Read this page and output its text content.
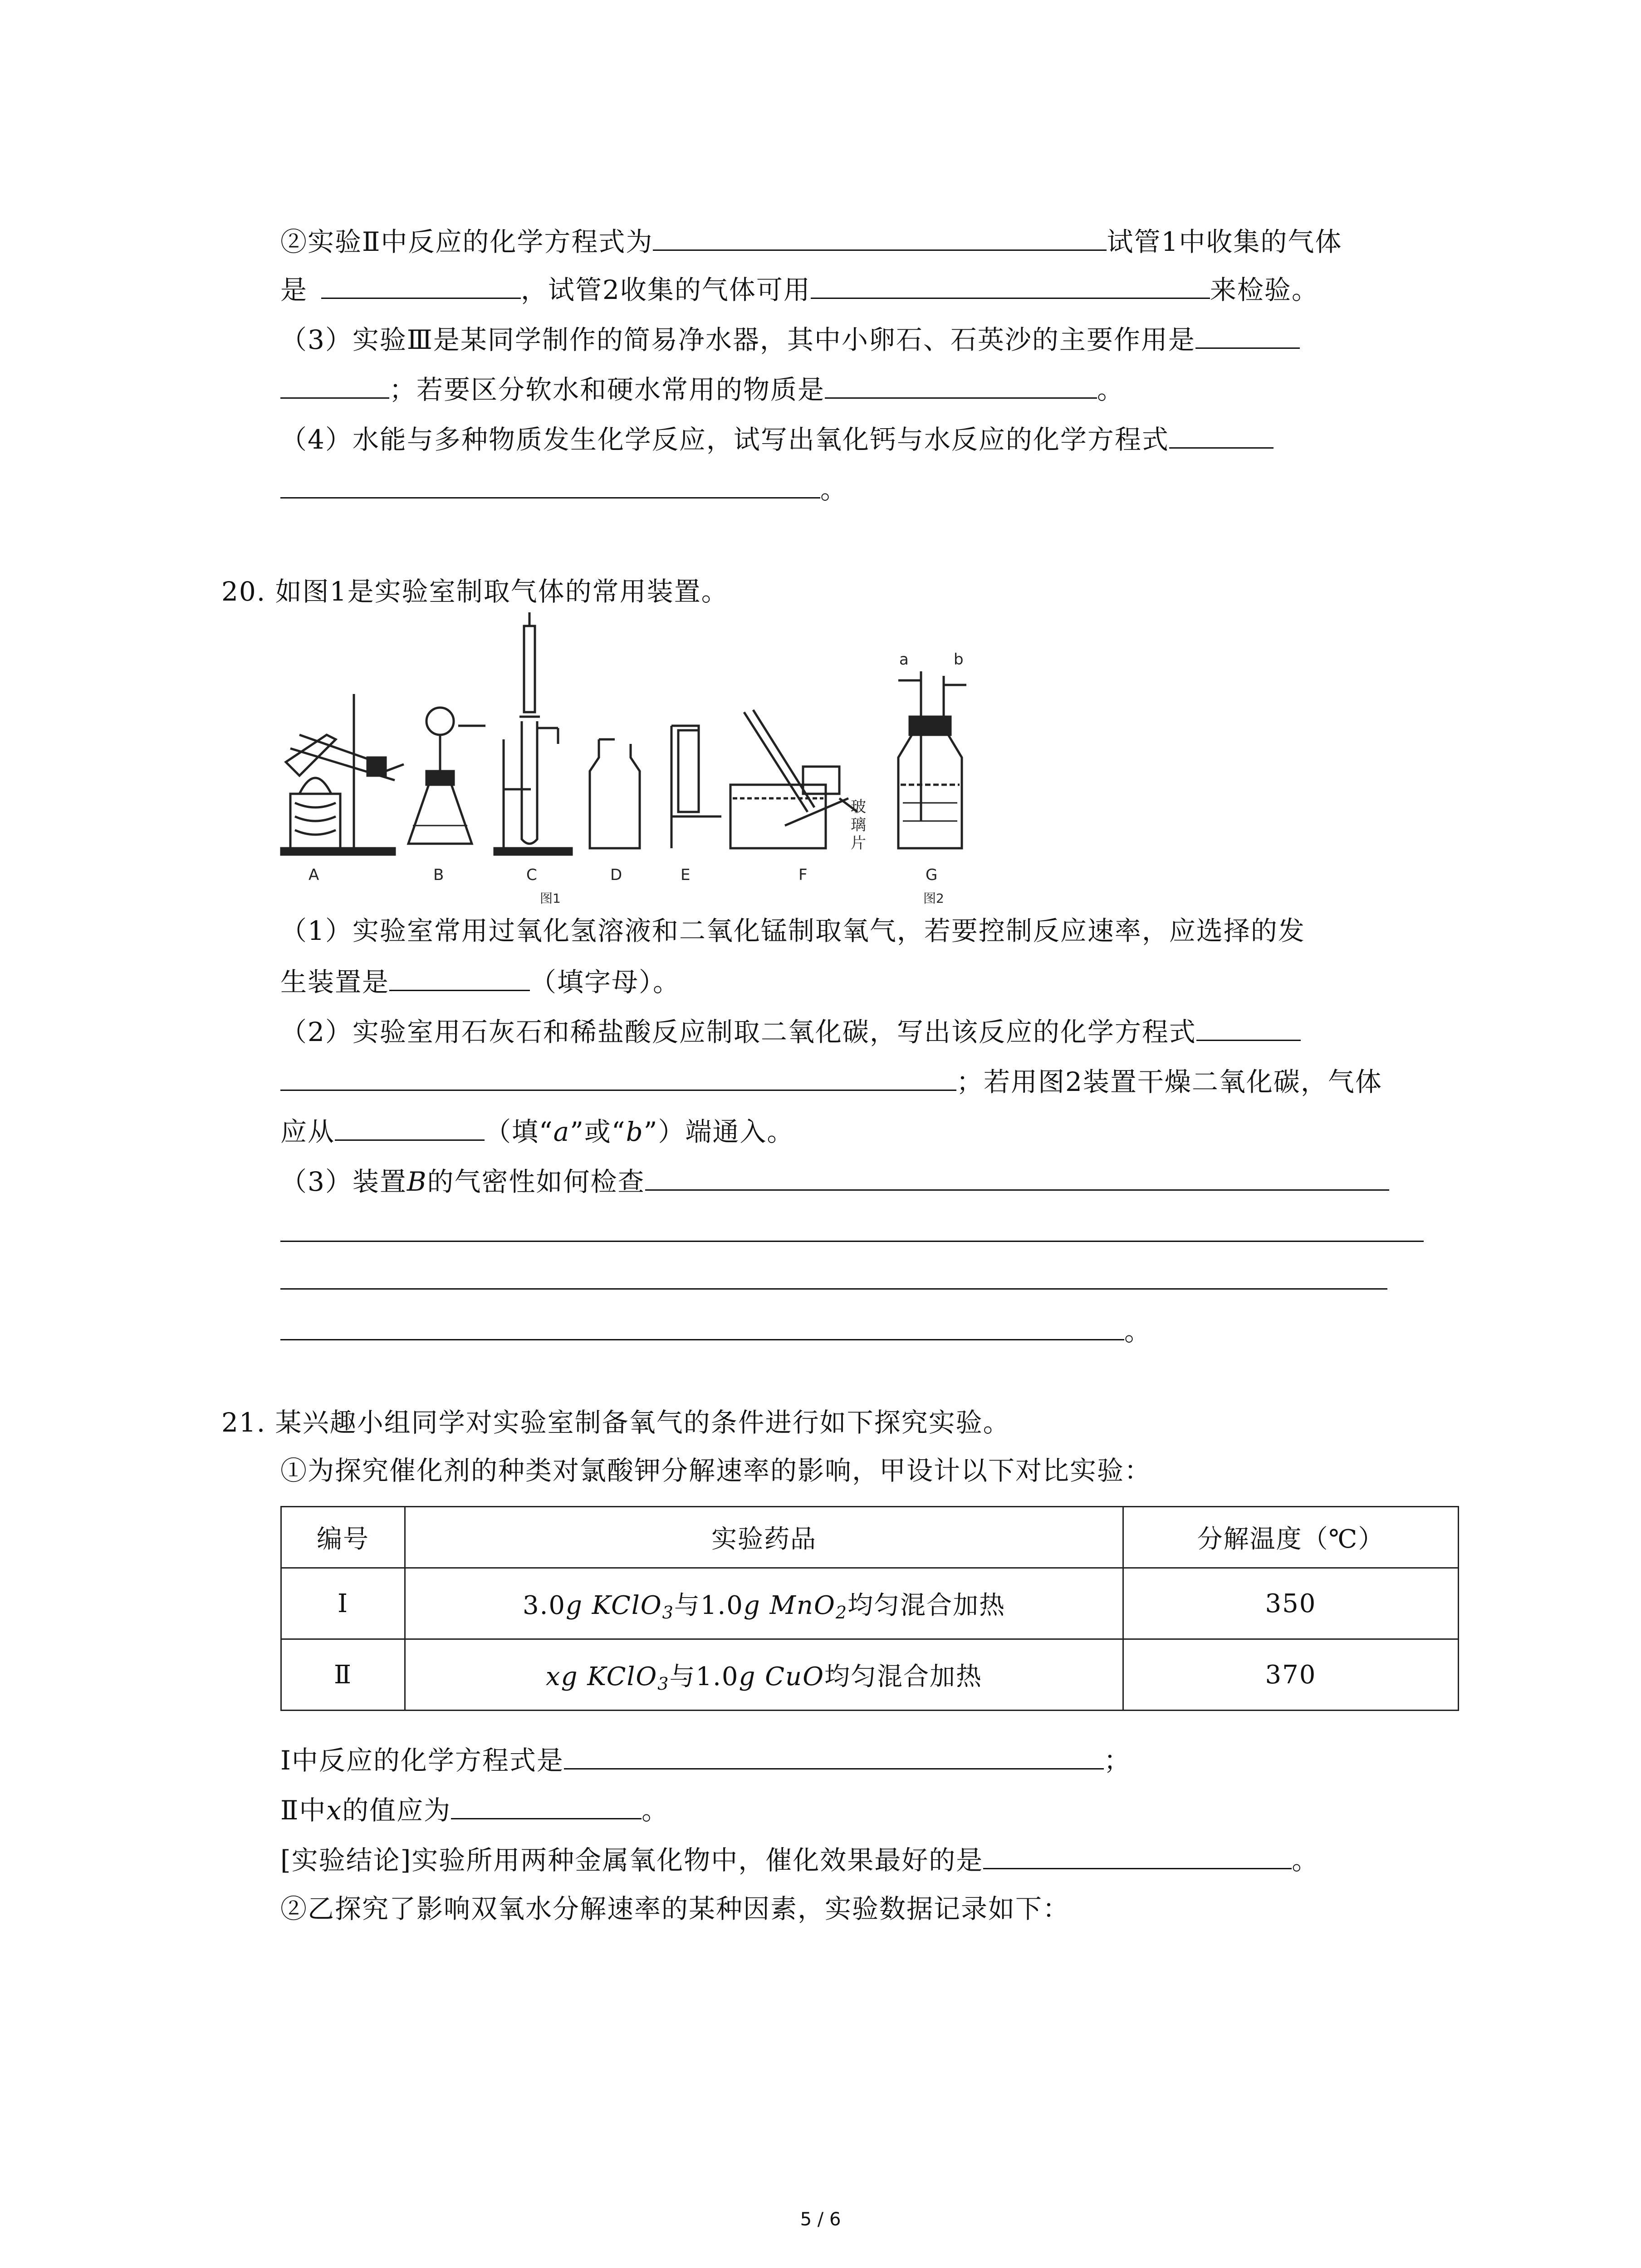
②实验Ⅱ中反应的化学方程式为	试管1中收集的气体
是	，试管2收集的气体可用	来检验。
（3）实验Ⅲ是某同学制作的简易净水器，其中小卵石、石英沙的主要作用是
；若要区分软水和硬水常用的物质是	。
（4）水能与多种物质发生化学反应，试写出氧化钙与水反应的化学方程式
。
20. 如图1是实验室制取气体的常用装置。
A	B	C	D	E	F	G
玻
璃
片
a	b
图1	图2
（1）实验室常用过氧化氢溶液和二氧化锰制取氧气，若要控制反应速率，应选择的发
生装置是	（填字母）。
（2）实验室用石灰石和稀盐酸反应制取二氧化碳，写出该反应的化学方程式
；若用图2装置干燥二氧化碳，气体
应从	（填“a”或“b”）端通入。
（3）装置B的气密性如何检查
。
21. 某兴趣小组同学对实验室制备氧气的条件进行如下探究实验。
①为探究催化剂的种类对氯酸钾分解速率的影响，甲设计以下对比实验：
编号	实验药品	分解温度（℃）
Ⅰ	3.0g KClO$_3$与1.0g MnO$_2$均匀混合加热	350
Ⅱ	xg KClO$_3$与1.0g CuO均匀混合加热	370
Ⅰ中反应的化学方程式是	；
Ⅱ中x的值应为	。
[实验结论]实验所用两种金属氧化物中，催化效果最好的是	。
②乙探究了影响双氧水分解速率的某种因素，实验数据记录如下：
5 / 6
